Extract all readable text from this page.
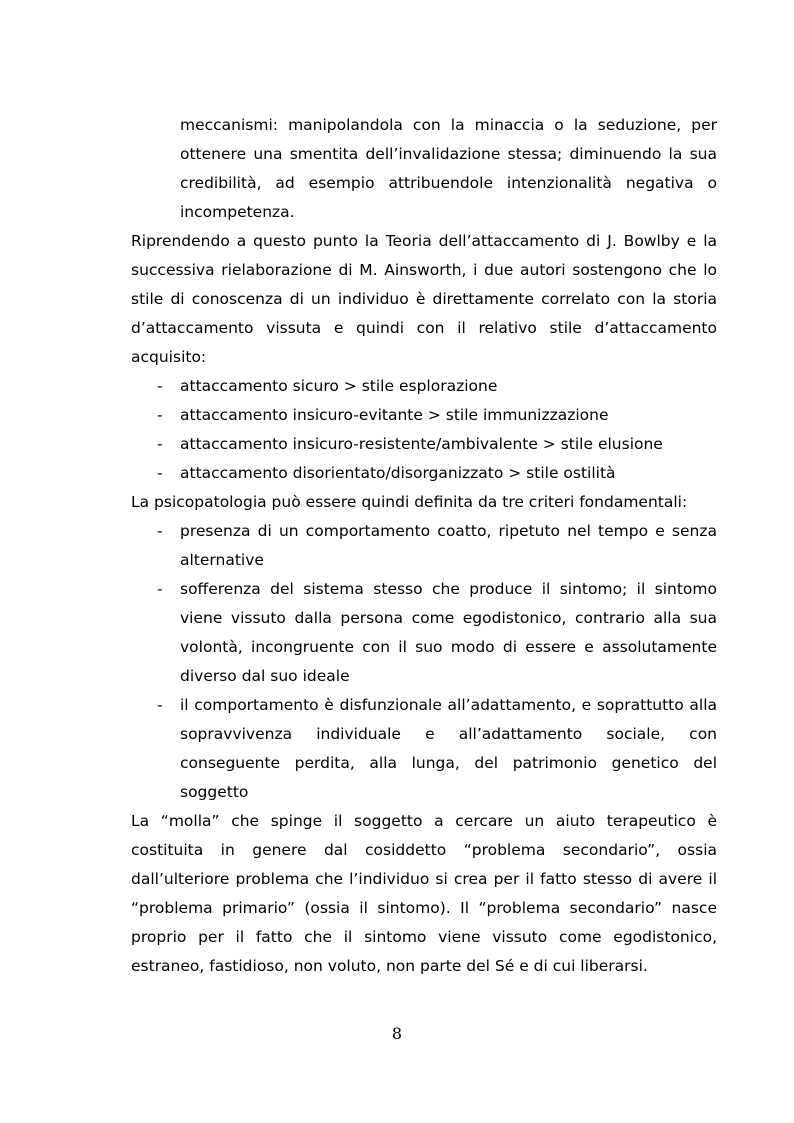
meccanismi: manipolandola con la minaccia o la seduzione, per ottenere una smentita dell’invalidazione stessa; diminuendo la sua credibilità, ad esempio attribuendole intenzionalità negativa o incompetenza.

Riprendendo a questo punto la Teoria dell’attaccamento di J. Bowlby e la successiva rielaborazione di M. Ainsworth, i due autori sostengono che lo stile di conoscenza di un individuo è direttamente correlato con la storia d’attaccamento vissuta e quindi con il relativo stile d’attaccamento acquisito:

- attaccamento sicuro > stile esplorazione
- attaccamento insicuro-evitante > stile immunizzazione
- attaccamento insicuro-resistente/ambivalente > stile elusione
- attaccamento disorientato/disorganizzato > stile ostilità

La psicopatologia può essere quindi definita da tre criteri fondamentali:

- presenza di un comportamento coatto, ripetuto nel tempo e senza alternative
- sofferenza del sistema stesso che produce il sintomo; il sintomo viene vissuto dalla persona come egodistonico, contrario alla sua volontà, incongruente con il suo modo di essere e assolutamente diverso dal suo ideale
- il comportamento è disfunzionale all’adattamento, e soprattutto alla sopravvivenza individuale e all’adattamento sociale, con conseguente perdita, alla lunga, del patrimonio genetico del soggetto

La “molla” che spinge il soggetto a cercare un aiuto terapeutico è costituita in genere dal cosiddetto “problema secondario”, ossia dall’ulteriore problema che l’individuo si crea per il fatto stesso di avere il “problema primario” (ossia il sintomo). Il “problema secondario” nasce proprio per il fatto che il sintomo viene vissuto come egodistonico, estraneo, fastidioso, non voluto, non parte del Sé e di cui liberarsi.

8
